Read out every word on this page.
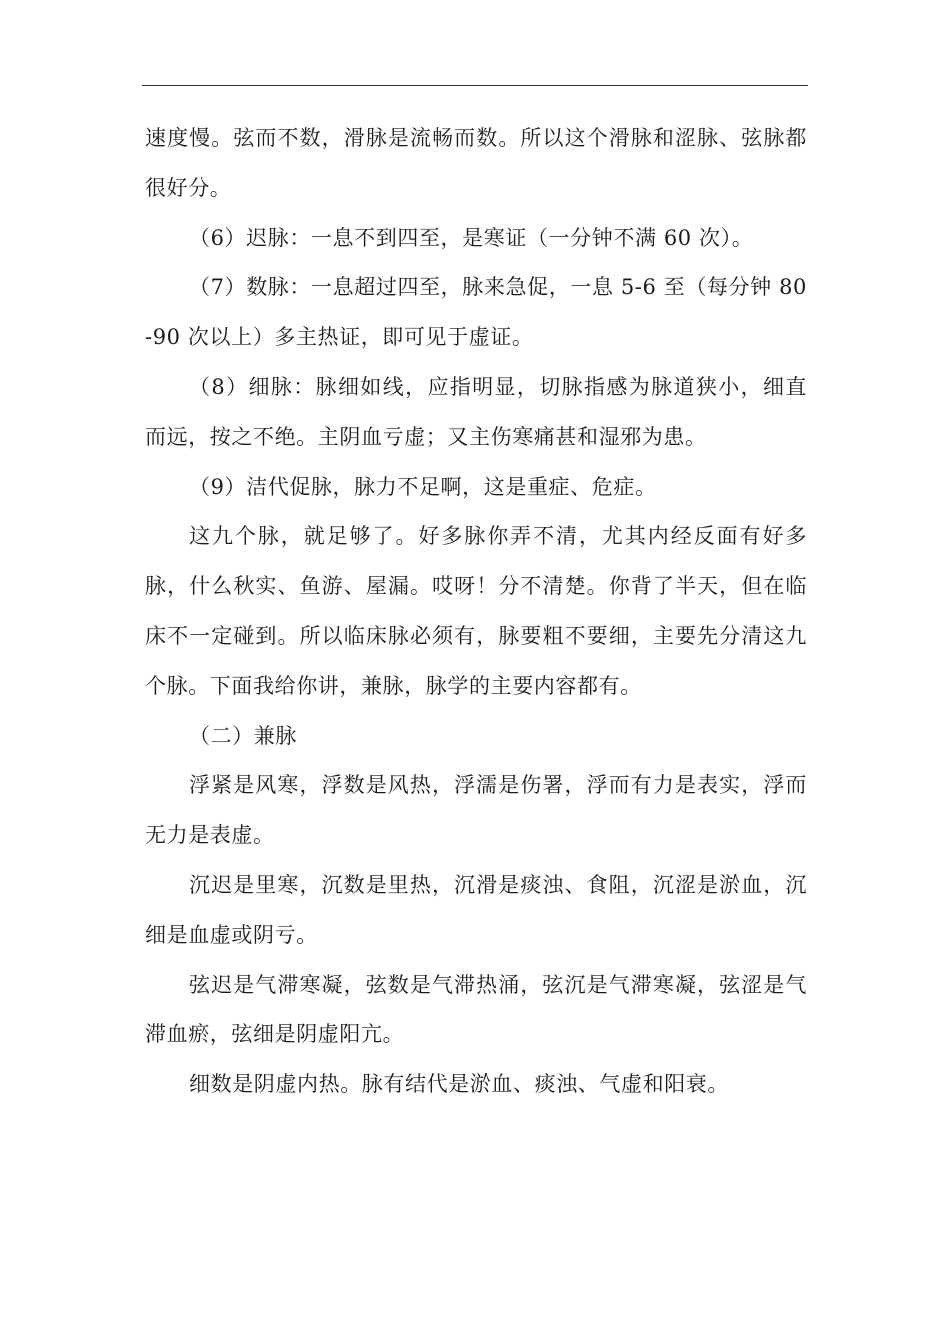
速度慢。弦而不数，滑脉是流畅而数。所以这个滑脉和涩脉、弦脉都很好分。

（6）迟脉：一息不到四至，是寒证（一分钟不满 60 次）。

（7）数脉：一息超过四至，脉来急促，一息 5-6 至（每分钟 80-90 次以上）多主热证，即可见于虚证。

（8）细脉：脉细如线，应指明显，切脉指感为脉道狭小，细直而远，按之不绝。主阴血亏虚；又主伤寒痛甚和湿邪为患。

（9）洁代促脉，脉力不足啊，这是重症、危症。

这九个脉，就足够了。好多脉你弄不清，尤其内经反面有好多脉，什么秋实、鱼游、屋漏。哎呀！分不清楚。你背了半天，但在临床不一定碰到。所以临床脉必须有，脉要粗不要细，主要先分清这九个脉。下面我给你讲，兼脉，脉学的主要内容都有。

（二）兼脉

浮紧是风寒，浮数是风热，浮濡是伤署，浮而有力是表实，浮而无力是表虚。

沉迟是里寒，沉数是里热，沉滑是痰浊、食阻，沉涩是淤血，沉细是血虚或阴亏。

弦迟是气滞寒凝，弦数是气滞热涌，弦沉是气滞寒凝，弦涩是气滞血瘀，弦细是阴虚阳亢。

细数是阴虚内热。脉有结代是淤血、痰浊、气虚和阳衰。
